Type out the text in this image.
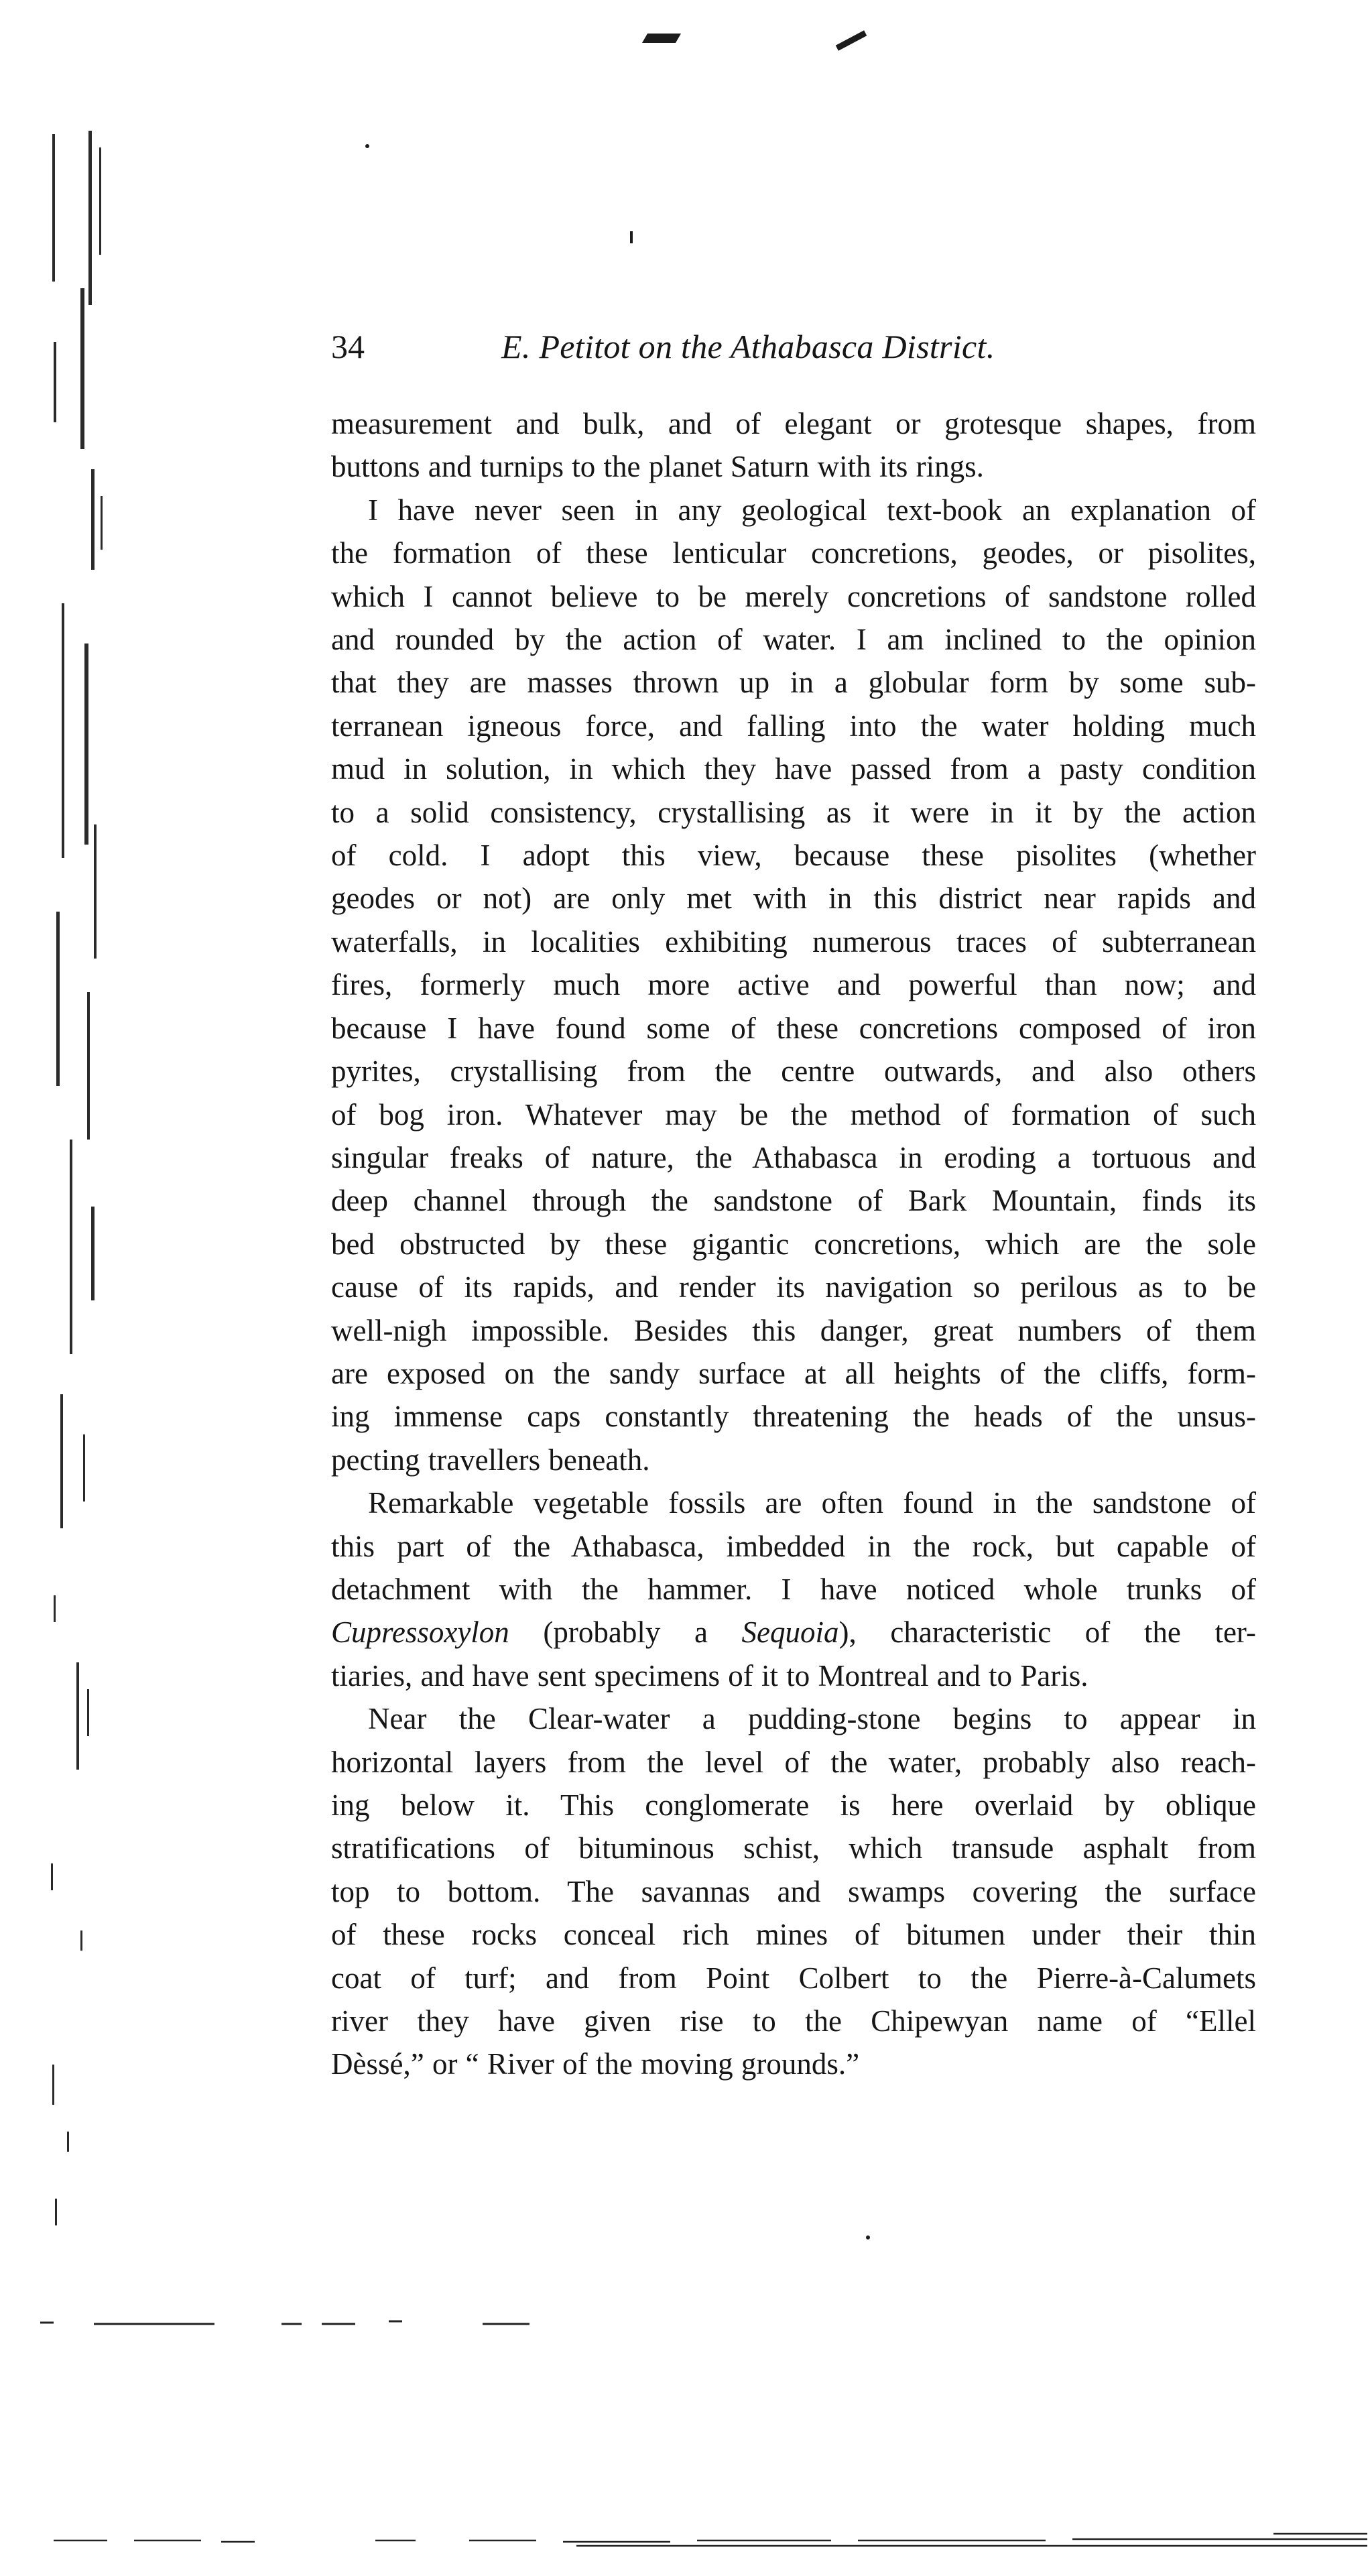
34	E. Petitot on the Athabasca District.

measurement and bulk, and of elegant or grotesque shapes, from
buttons and turnips to the planet Saturn with its rings.

I have never seen in any geological text-book an explanation of
the formation of these lenticular concretions, geodes, or pisolites,
which I cannot believe to be merely concretions of sandstone rolled
and rounded by the action of water. I am inclined to the opinion
that they are masses thrown up in a globular form by some sub-
terranean igneous force, and falling into the water holding much
mud in solution, in which they have passed from a pasty condition
to a solid consistency, crystallising as it were in it by the action
of cold. I adopt this view, because these pisolites (whether
geodes or not) are only met with in this district near rapids and
waterfalls, in localities exhibiting numerous traces of subterranean
fires, formerly much more active and powerful than now; and
because I have found some of these concretions composed of iron
pyrites, crystallising from the centre outwards, and also others
of bog iron. Whatever may be the method of formation of such
singular freaks of nature, the Athabasca in eroding a tortuous and
deep channel through the sandstone of Bark Mountain, finds its
bed obstructed by these gigantic concretions, which are the sole
cause of its rapids, and render its navigation so perilous as to be
well-nigh impossible. Besides this danger, great numbers of them
are exposed on the sandy surface at all heights of the cliffs, form-
ing immense caps constantly threatening the heads of the unsus-
pecting travellers beneath.

Remarkable vegetable fossils are often found in the sandstone of
this part of the Athabasca, imbedded in the rock, but capable of
detachment with the hammer. I have noticed whole trunks of
Cupressoxylon (probably a Sequoia), characteristic of the ter-
tiaries, and have sent specimens of it to Montreal and to Paris.

Near the Clear-water a pudding-stone begins to appear in
horizontal layers from the level of the water, probably also reach-
ing below it. This conglomerate is here overlaid by oblique
stratifications of bituminous schist, which transude asphalt from
top to bottom. The savannas and swamps covering the surface
of these rocks conceal rich mines of bitumen under their thin
coat of turf; and from Point Colbert to the Pierre-à-Calumets
river they have given rise to the Chipewyan name of “Ellel
Dèssé,” or “ River of the moving grounds.”
